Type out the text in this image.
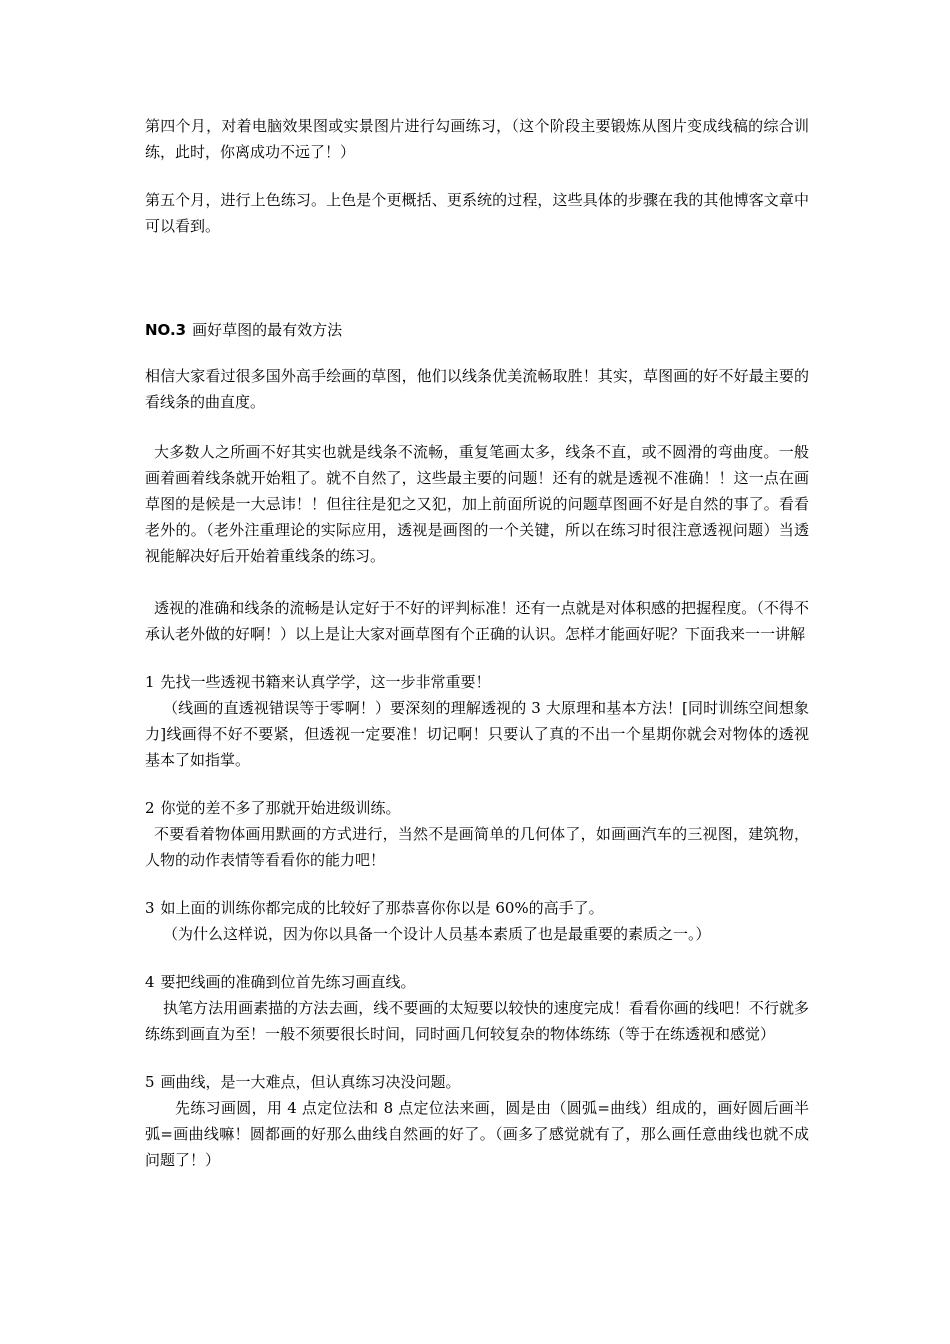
第四个月，对着电脑效果图或实景图片进行勾画练习，（这个阶段主要锻炼从图片变成线稿的综合训练，此时，你离成功不远了！）

第五个月，进行上色练习。上色是个更概括、更系统的过程，这些具体的步骤在我的其他博客文章中可以看到。

NO.3 画好草图的最有效方法

相信大家看过很多国外高手绘画的草图，他们以线条优美流畅取胜！其实，草图画的好不好最主要的看线条的曲直度。

大多数人之所画不好其实也就是线条不流畅，重复笔画太多，线条不直，或不圆滑的弯曲度。一般画着画着线条就开始粗了。就不自然了，这些最主要的问题！还有的就是透视不准确！！这一点在画草图的是候是一大忌讳！！但往往是犯之又犯，加上前面所说的问题草图画不好是自然的事了。看看老外的。（老外注重理论的实际应用，透视是画图的一个关键，所以在练习时很注意透视问题）当透视能解决好后开始着重线条的练习。

透视的准确和线条的流畅是认定好于不好的评判标准！还有一点就是对体积感的把握程度。（不得不承认老外做的好啊！）以上是让大家对画草图有个正确的认识。怎样才能画好呢？下面我来一一讲解

1 先找一些透视书籍来认真学学，这一步非常重要！

（线画的直透视错误等于零啊！）要深刻的理解透视的 3 大原理和基本方法！[同时训练空间想象力]线画得不好不要紧，但透视一定要准！切记啊！只要认了真的不出一个星期你就会对物体的透视基本了如指掌。

2 你觉的差不多了那就开始进级训练。

不要看着物体画用默画的方式进行，当然不是画简单的几何体了，如画画汽车的三视图，建筑物，人物的动作表情等看看你的能力吧！

3 如上面的训练你都完成的比较好了那恭喜你你以是 60%的高手了。

（为什么这样说，因为你以具备一个设计人员基本素质了也是最重要的素质之一。）

4 要把线画的准确到位首先练习画直线。

执笔方法用画素描的方法去画，线不要画的太短要以较快的速度完成！看看你画的线吧！不行就多练练到画直为至！一般不须要很长时间，同时画几何较复杂的物体练练（等于在练透视和感觉）

5 画曲线，是一大难点，但认真练习决没问题。

先练习画圆，用 4 点定位法和 8 点定位法来画，圆是由（圆弧=曲线）组成的，画好圆后画半弧=画曲线嘛！圆都画的好那么曲线自然画的好了。（画多了感觉就有了，那么画任意曲线也就不成问题了！）
